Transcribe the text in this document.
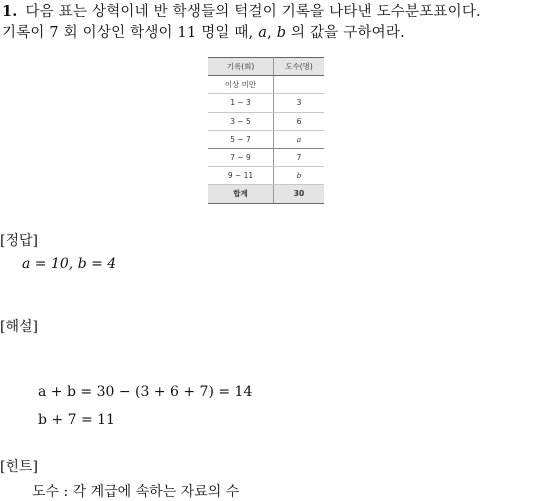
1. 다음 표는 상혁이네 반 학생들의 턱걸이 기록을 나타낸 도수분포표이다.
기록이 7 회 이상인 학생이 11 명일 때, a, b 의 값을 구하여라.
기록(회)	도수(명)
이상 미만	
1 ~ 3	3
3 ~ 5	6
5 ~ 7	a
7 ~ 9	7
9 ~ 11	b
합계	30
[정답]
a = 10, b = 4
[해설]
a + b = 30 − (3 + 6 + 7) = 14
b + 7 = 11
[힌트]
도수 : 각 계급에 속하는 자료의 수
